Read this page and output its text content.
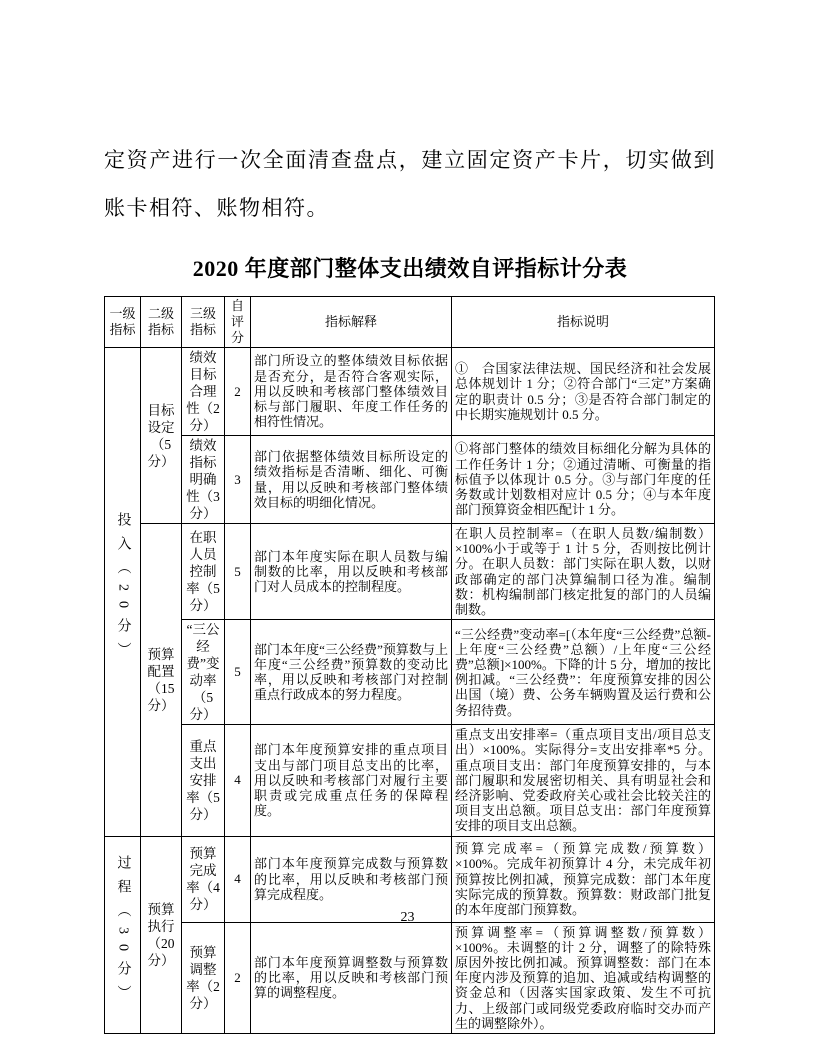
定资产进行一次全面清查盘点，建立固定资产卡片，切实做到账卡相符、账物相符。

2020 年度部门整体支出绩效自评指标计分表
一级指标	二级指标	三级指标	自评分	指标解释	指标说明
投入（20分）	目标设定（5分）	绩效目标合理性（2分）	2	部门所设立的整体绩效目标依据是否充分，是否符合客观实际，用以反映和考核部门整体绩效目标与部门履职、年度工作任务的相符性情况。	①　合国家法律法规、国民经济和社会发展总体规划计 1 分；②符合部门“三定”方案确定的职责计 0.5 分；③是否符合部门制定的中长期实施规划计 0.5 分。
		绩效指标明确性（3分）	3	部门依据整体绩效目标所设定的绩效指标是否清晰、细化、可衡量，用以反映和考核部门整体绩效目标的明细化情况。	①将部门整体的绩效目标细化分解为具体的工作任务计 1 分；②通过清晰、可衡量的指标值予以体现计 0.5 分。③与部门年度的任务数或计划数相对应计 0.5 分；④与本年度部门预算资金相匹配计 1 分。
	预算配置（15分）	在职人员控制率（5分）	5	部门本年度实际在职人员数与编制数的比率，用以反映和考核部门对人员成本的控制程度。	在职人员控制率=（在职人员数/编制数）×100%小于或等于 1 计 5 分，否则按比例计分。在职人员数：部门实际在职人数，以财政部确定的部门决算编制口径为准。编制数：机构编制部门核定批复的部门的人员编制数。
		“三公经费”变动率（5分）	5	部门本年度“三公经费”预算数与上年度“三公经费”预算数的变动比率，用以反映和考核部门对控制重点行政成本的努力程度。	“三公经费”变动率=[（本年度“三公经费”总额-上年度“三公经费”总额）/上年度“三公经费”总额]×100%。下降的计 5 分，增加的按比例扣减。“三公经费”：年度预算安排的因公出国（境）费、公务车辆购置及运行费和公务招待费。
		重点支出安排率（5分）	4	部门本年度预算安排的重点项目支出与部门项目总支出的比率，用以反映和考核部门对履行主要职责或完成重点任务的保障程度。	重点支出安排率=（重点项目支出/项目总支出）×100%。实际得分=支出安排率*5 分。重点项目支出：部门年度预算安排的，与本部门履职和发展密切相关、具有明显社会和经济影响、党委政府关心或社会比较关注的项目支出总额。项目总支出：部门年度预算安排的项目支出总额。
过程（30分）	预算执行（20分）	预算完成率（4分）	4	部门本年度预算完成数与预算数的比率，用以反映和考核部门预算完成程度。	预算完成率=（预算完成数/预算数）×100%。完成年初预算计 4 分，未完成年初预算按比例扣减，预算完成数：部门本年度实际完成的预算数。预算数：财政部门批复的本年度部门预算数。
		预算调整率（2分）	2	部门本年度预算调整数与预算数的比率，用以反映和考核部门预算的调整程度。	预算调整率=（预算调整数/预算数）×100%。未调整的计 2 分，调整了的除特殊原因外按比例扣减。预算调整数：部门在本年度内涉及预算的追加、追减或结构调整的资金总和（因落实国家政策、发生不可抗力、上级部门或同级党委政府临时交办而产生的调整除外）。
23
